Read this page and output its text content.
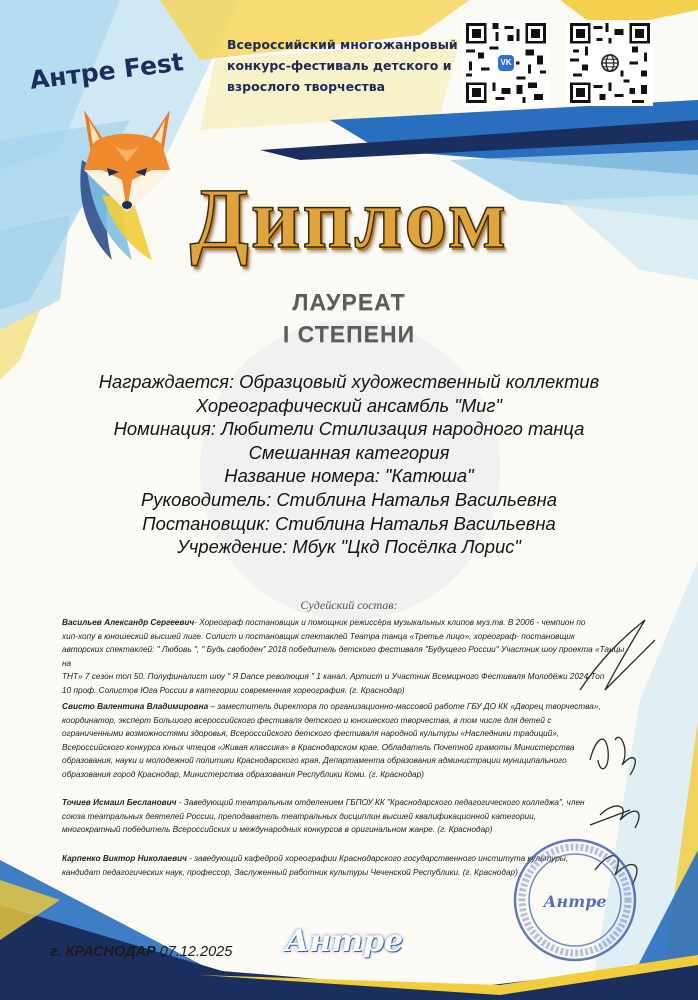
Антре Fest
Всероссийский многожанровый
конкурс-фестиваль детского и
взрослого творчества
VK
Диплом
ЛАУРЕАТ
I СТЕПЕНИ
Награждается: Образцовый художественный коллектив
Хореографический ансамбль "Миг"
Номинация: Любители Стилизация народного танца
Смешанная категория
Название номера: "Катюша"
Руководитель: Стиблина Наталья Васильевна
Постановщик: Стиблина Наталья Васильевна
Учреждение: Мбук "Цкд Посёлка Лорис"
Судейский состав:
Васильев Александр Сергеевич- Хореограф постановщик и помощник режиссёра музыкальных клипов муз.тв. В 2006 - чемпион по
хип-хопу в юношеский высшей лиге. Солист и постановщик спектаклей Театра танца «Третье лицо», хореограф- постановщик
авторских спектаклей: " Любовь ", " Будь свободен" 2018 победитель детского фестиваля "Будущего России" Участник шоу проекта «Танцы на
ТНТ» 7 сезон топ 50. Полуфиналист шоу " Я Dance революция " 1 канал. Артист и Участник Всемирного Фестиваля Молодёжи 2024.Топ
10 проф. Солистов Юга России в категории современная хореография. (г. Краснодар)
Свисто Валентина Владимировна – заместитель директора по организационно-массовой работе ГБУ ДО КК «Дворец творчества»,
координатор, эксперт Большого всероссийского фестиваля детского и юношеского творчества, в том числе для детей с
ограниченными возможностями здоровья, Всероссийского детского фестиваля народной культуры «Наследники традиций»,
Всероссийского конкурса юных чтецов «Живая классика» в Краснодарском крае. Обладатель Почетной грамоты Министерства
образования, науки и молодежной политики Краснодарского края, Департамента образования администрации муниципального
образования город Краснодар, Министерства образования Республики Коми. (г. Краснодар)
Точиев Исмаил Бесланович - Заведующий театральным отделением ГБПОУ КК "Краснодарского педагогического колледжа", член
союза театральных деятелей России, преподаватель театральных дисциплин высшей квалификационной категории,
многократный победитель Всероссийских и международных конкурсов в оригинальном жанре. (г. Краснодар)
Карпенко Виктор Николаевич - заведующий кафедрой хореографии Краснодарского государственного института культуры,
кандидат педагогических наук, профессор, Заслуженный работник культуры Чеченской Республики. (г. Краснодар)
Антре
г. КРАСНОДАР 07.12.2025 Антре
